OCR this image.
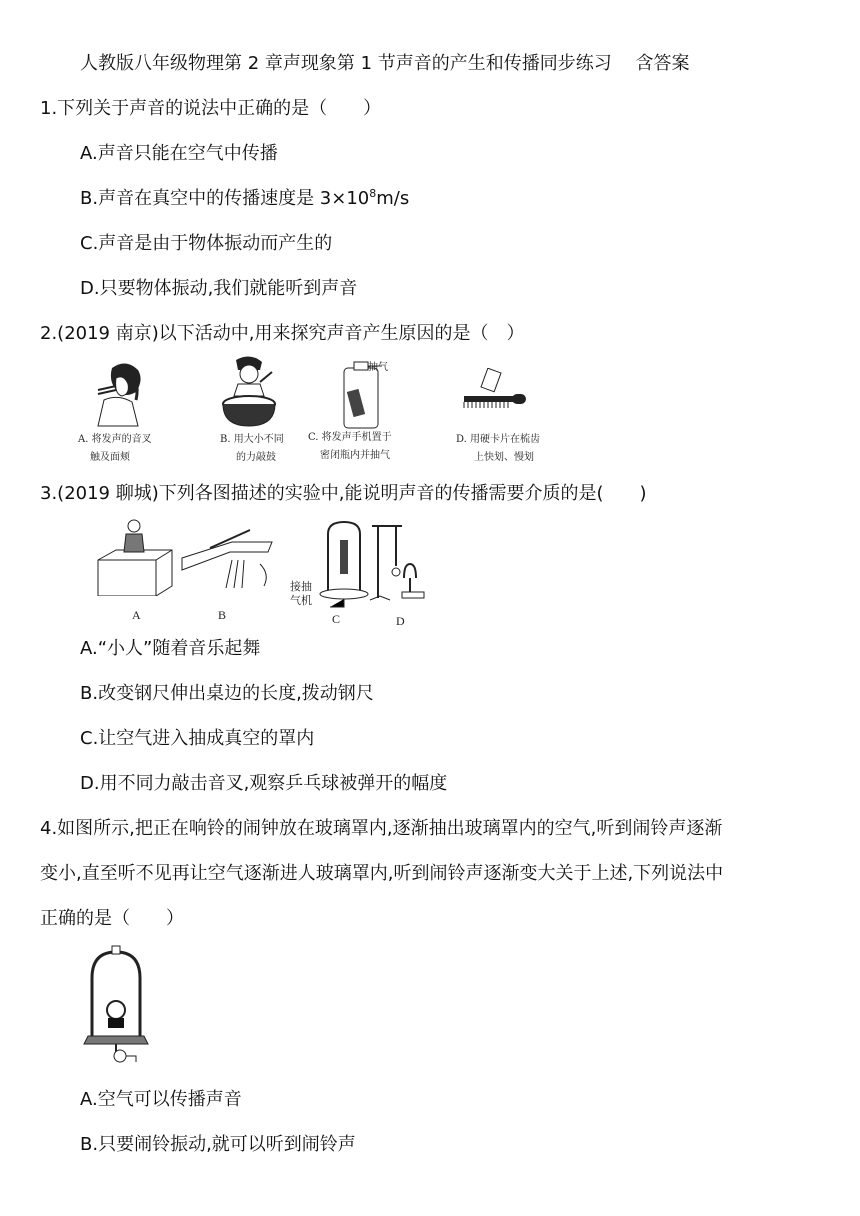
人教版八年级物理第 2 章声现象第 1 节声音的产生和传播同步练习　 含答案
1.下列关于声音的说法中正确的是（　　）
A.声音只能在空气中传播
B.声音在真空中的传播速度是 $3\times 10^8m/s$
C.声音是由于物体振动而产生的
D.只要物体振动,我们就能听到声音
2.(2019 南京)以下活动中,用来探究声音产生原因的是（　）
抽气
A. 将发声的音叉
触及面颊
B. 用大小不同
的力敲鼓
C. 将发声手机置于
密闭瓶内并抽气
D. 用硬卡片在梳齿
上快划、慢划
3.(2019 聊城)下列各图描述的实验中,能说明声音的传播需要介质的是(　　)
接抽
气机
A	B	C	D
A.“小人”随着音乐起舞
B.改变钢尺伸出桌边的长度,拨动钢尺
C.让空气进入抽成真空的罩内
D.用不同力敲击音叉,观察乒乓球被弹开的幅度
4.如图所示,把正在响铃的闹钟放在玻璃罩内,逐渐抽出玻璃罩内的空气,听到闹铃声逐渐
变小,直至听不见再让空气逐渐进人玻璃罩内,听到闹铃声逐渐变大关于上述,下列说法中
正确的是（　　）
A.空气可以传播声音
B.只要闹铃振动,就可以听到闹铃声
